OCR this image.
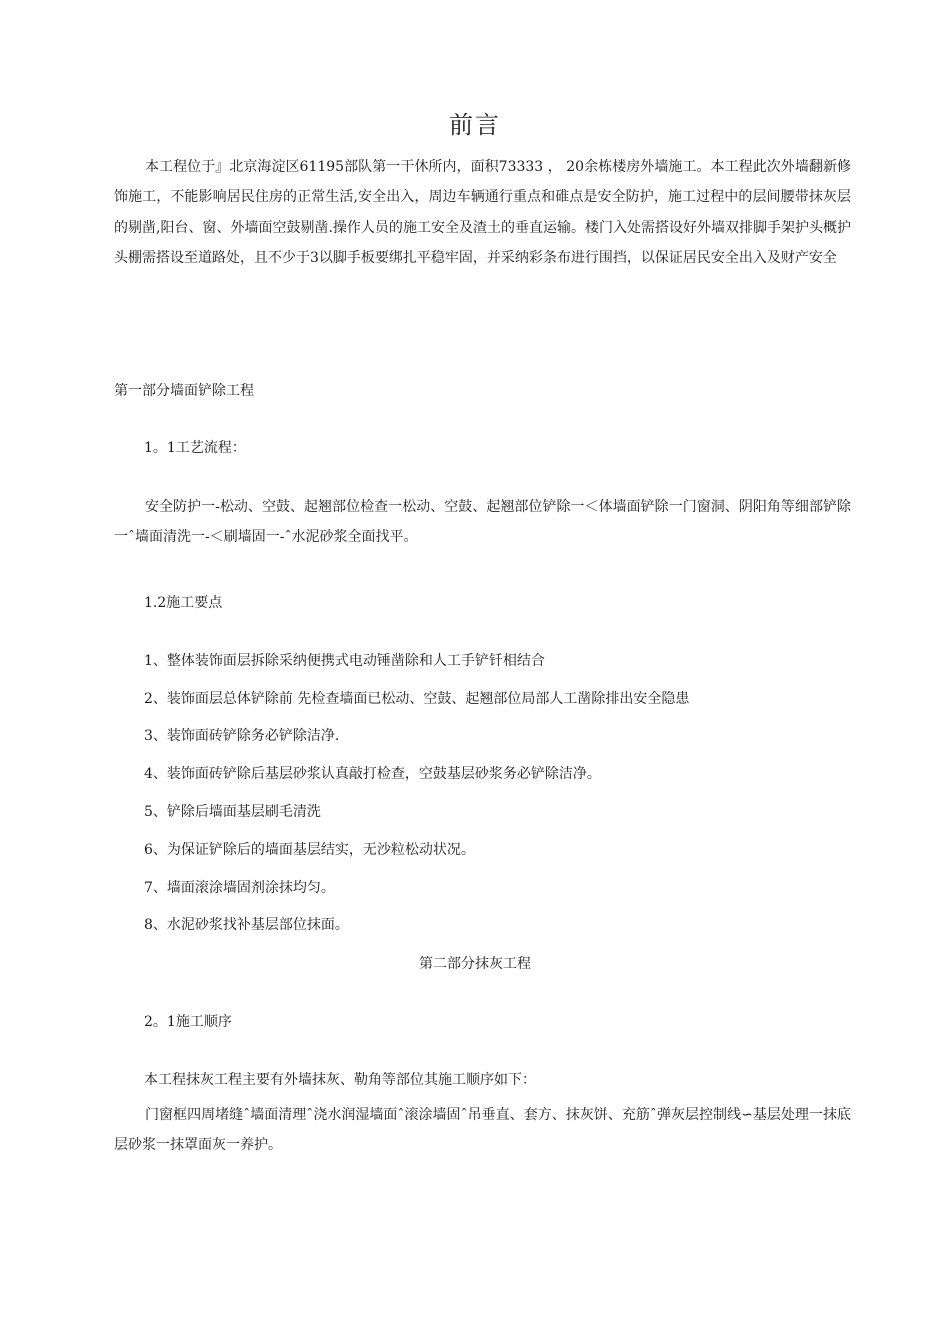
前言

本工程位于』北京海淀区61195部队第一干休所内，面积73333 ， 20余栋楼房外墙施工。本工程此次外墙翻新修饰施工，不能影响居民住房的正常生活,安全出入，周边车辆通行重点和碓点是安全防护，施工过程中的层间腰带抹灰层的剔凿,阳台、窗、外墙面空鼓剔凿.操作人员的施工安全及渣土的垂直运输。楼门入处需搭设好外墙双排脚手架护头概护头棚需搭设至道路处，且不少于3以脚手板要绑扎平稳牢固，并采纳彩条布进行围挡，以保证居民安全出入及财产安全

第一部分墙面铲除工程

1。1工艺流程：

安全防护一-松动、空鼓、起翘部位检查一松动、空鼓、起翘部位铲除一＜体墙面铲除一门窗洞、阴阳角等细部铲除一ˆ墙面清洗一-＜刷墙固一-ˆ水泥砂浆全面找平。

1.2施工要点

1、整体装饰面层拆除采纳便携式电动锤凿除和人工手铲钎相结合

2、装饰面层总体铲除前 先检查墙面已松动、空鼓、起翘部位局部人工凿除排出安全隐患

3、装饰面砖铲除务必铲除洁净.

4、装饰面砖铲除后基层砂浆认真敲打检查，空鼓基层砂浆务必铲除洁净。

5、铲除后墙面基层刷毛清洗

6、为保证铲除后的墙面基层结实，无沙粒松动状况。

7、墙面滚涂墙固剂涂抹均匀。

8、水泥砂浆找补基层部位抹面。

第二部分抹灰工程

2。1施工顺序

本工程抹灰工程主要有外墙抹灰、勒角等部位其施工顺序如下：

门窗框四周堵缝ˆ墙面清理ˆ浇水润湿墙面ˆ滚涂墙固ˆ吊垂直、套方、抹灰饼、充筋ˆ弹灰层控制线∽基层处理一抹底层砂浆一抹罩面灰一养护。
